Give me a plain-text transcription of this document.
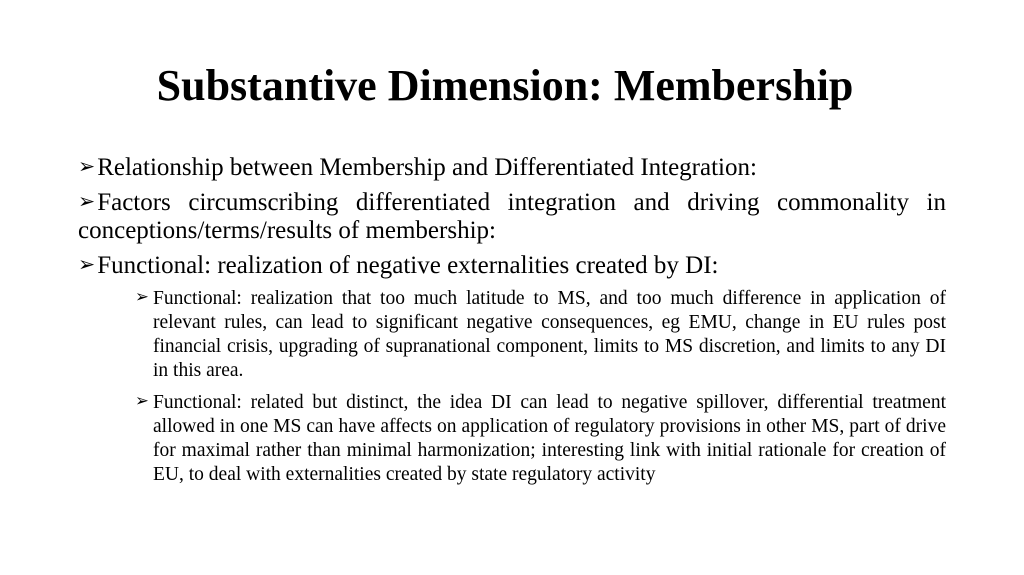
Substantive Dimension: Membership
➢Relationship between Membership and Differentiated Integration:
➢Factors circumscribing differentiated integration and driving commonality in conceptions/terms/results of membership:
➢Functional: realization of negative externalities created by DI:
➢ Functional: realization that too much latitude to MS, and too much difference in application of relevant rules, can lead to significant negative consequences, eg EMU, change in EU rules post financial crisis, upgrading of supranational component, limits to MS discretion, and limits to any DI in this area.
➢ Functional: related but distinct, the idea DI can lead to negative spillover, differential treatment allowed in one MS can have affects on application of regulatory provisions in other MS, part of drive for maximal rather than minimal harmonization; interesting link with initial rationale for creation of EU, to deal with externalities created by state regulatory activity
